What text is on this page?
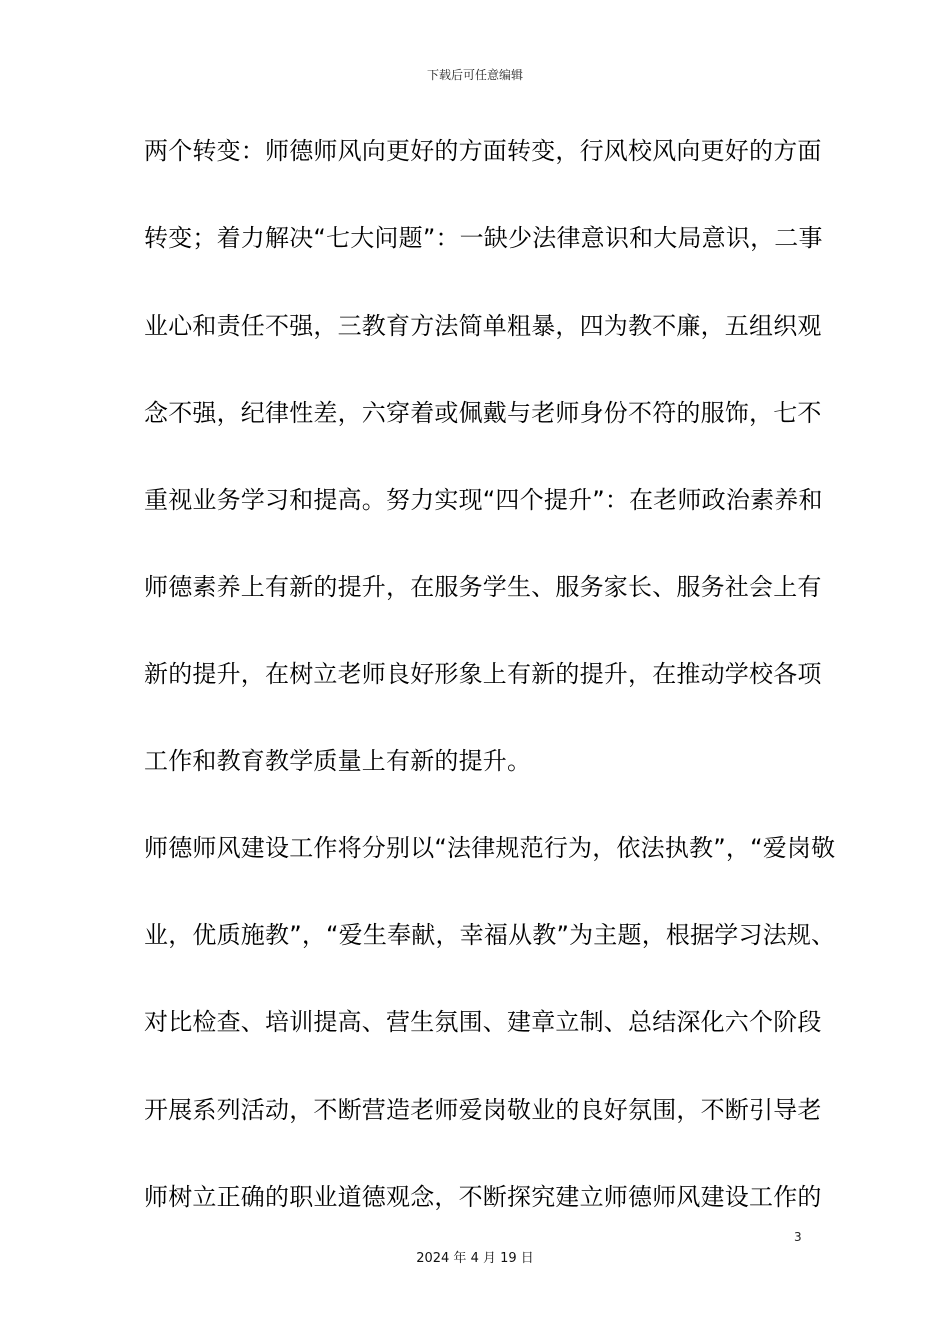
下载后可任意编辑
两个转变：师德师风向更好的方面转变，行风校风向更好的方面
转变；着力解决“七大问题”：一缺少法律意识和大局意识，二事
业心和责任不强，三教育方法简单粗暴，四为教不廉，五组织观
念不强，纪律性差，六穿着或佩戴与老师身份不符的服饰，七不
重视业务学习和提高。努力实现“四个提升”：在老师政治素养和
师德素养上有新的提升，在服务学生、服务家长、服务社会上有
新的提升，在树立老师良好形象上有新的提升，在推动学校各项
工作和教育教学质量上有新的提升。
师德师风建设工作将分别以“法律规范行为，依法执教”，“爱岗敬
业，优质施教”，“爱生奉献，幸福从教”为主题，根据学习法规、
对比检查、培训提高、营生氛围、建章立制、总结深化六个阶段
开展系列活动，不断营造老师爱岗敬业的良好氛围，不断引导老
师树立正确的职业道德观念，不断探究建立师德师风建设工作的
3
2024 年 4 月 19 日
